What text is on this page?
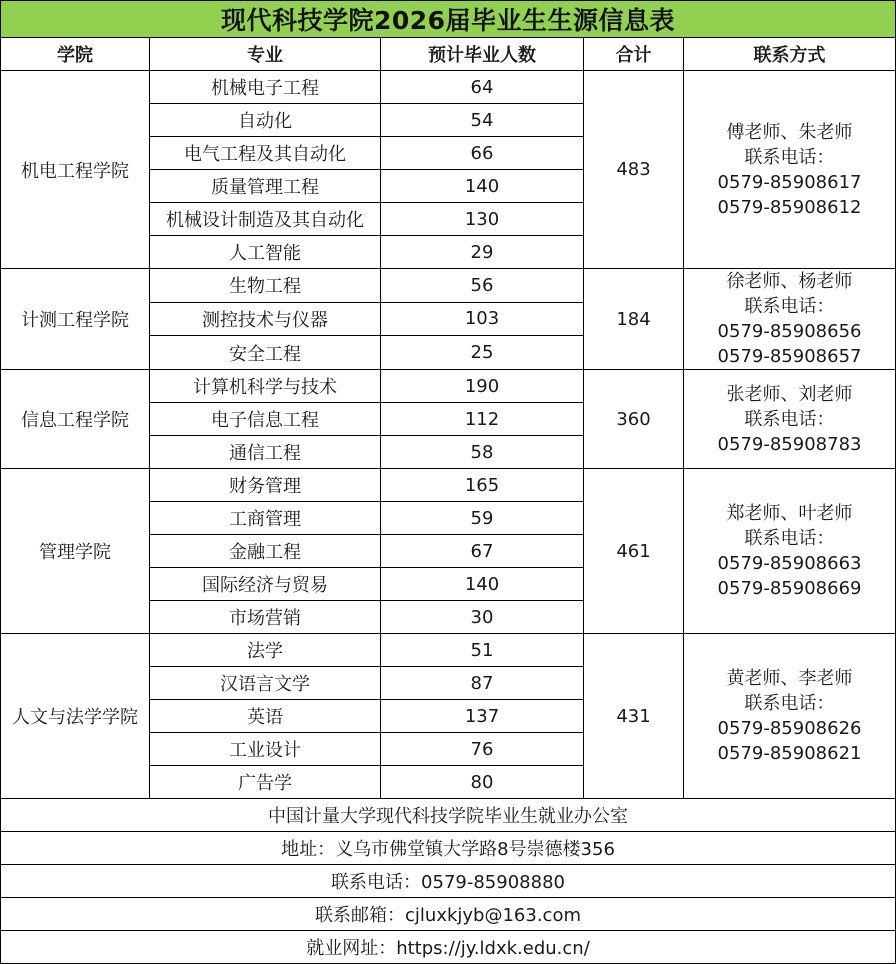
现代科技学院2026届毕业生生源信息表				
学院	专业	预计毕业人数	合计	联系方式
机电工程学院	机械电子工程	64	483	傅老师、朱老师
联系电话：
0579-85908617
0579-85908612

	自动化	54		
	电气工程及其自动化	66		
	质量管理工程	140		
	机械设计制造及其自动化	130		
	人工智能	29		
计测工程学院	生物工程	56	184	徐老师、杨老师
联系电话：
0579-85908656
0579-85908657

	测控技术与仪器	103		
	安全工程	25		
信息工程学院	计算机科学与技术	190	360	张老师、刘老师
联系电话：
0579-85908783

	电子信息工程	112		
	通信工程	58		
管理学院	财务管理	165	461	郑老师、叶老师
联系电话：
0579-85908663
0579-85908669

	工商管理	59		
	金融工程	67		
	国际经济与贸易	140		
	市场营销	30		
人文与法学学院	法学	51	431	黄老师、李老师
联系电话：
0579-85908626
0579-85908621

	汉语言文学	87		
	英语	137		
	工业设计	76		
	广告学	80		
中国计量大学现代科技学院毕业生就业办公室				
地址：义乌市佛堂镇大学路8号崇德楼356				
联系电话：0579-85908880				
联系邮箱：cjluxkjyb@163.com				
就业网址：https://jy.ldxk.edu.cn/				
